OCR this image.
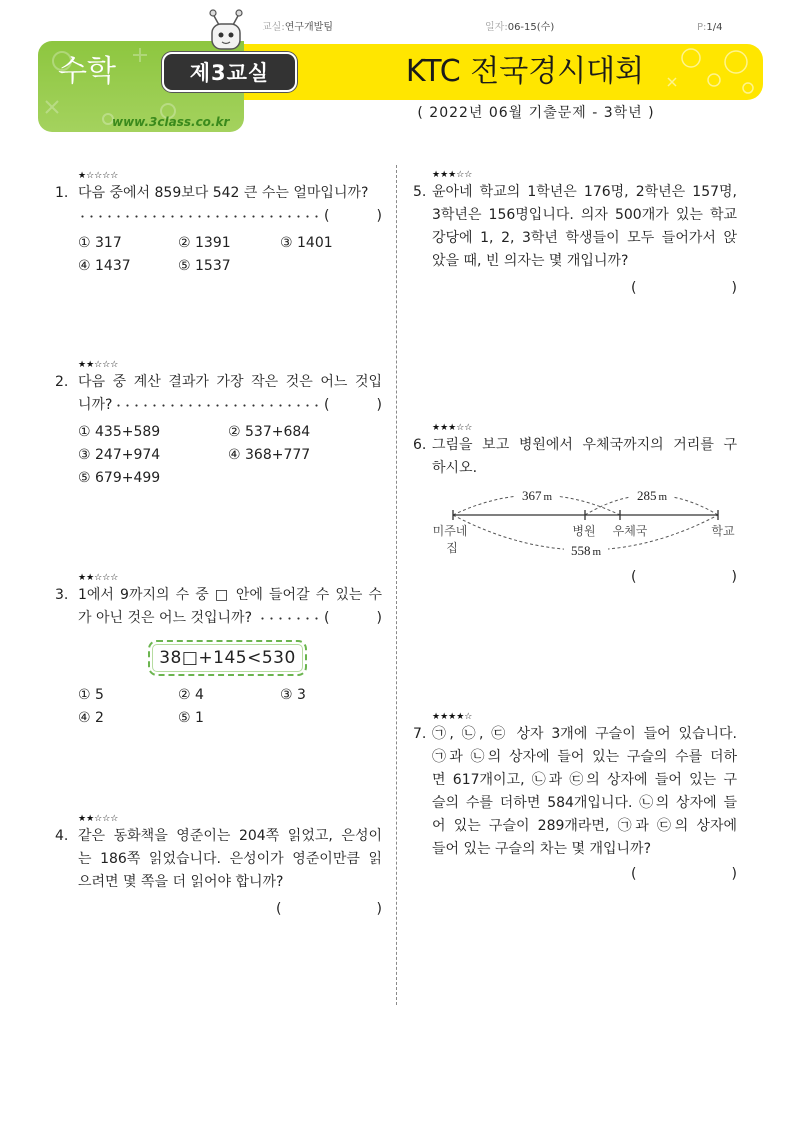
교실:연구개발팀	일자:06-15(수)	P:1/4
수학	제3교실
www.3class.co.kr
KTC 전국경시대회
( 2022년 06월 기출문제 - 3학년 )
★☆☆☆☆
1. 다음 중에서 859보다 542 큰 수는 얼마입니까?
(	)
① 317	② 1391	③ 1401
④ 1437	⑤ 1537
★★☆☆☆
2. 다음 중 계산 결과가 가장 작은 것은 어느 것입
니까?	(	)
① 435+589	② 537+684
③ 247+974	④ 368+777
⑤ 679+499
★★☆☆☆
3. 1에서 9까지의 수 중 □ 안에 들어갈 수 있는 수
가 아닌 것은 어느 것입니까?	(	)
38□+145<530
① 5	② 4	③ 3
④ 2	⑤ 1
★★☆☆☆
4. 같은 동화책을 영준이는 204쪽 읽었고, 은성이
는 186쪽 읽었습니다. 은성이가 영준이만큼 읽
으려면 몇 쪽을 더 읽어야 합니까?
(	)
★★★☆☆
5. 윤아네 학교의 1학년은 176명, 2학년은 157명,
3학년은 156명입니다. 의자 500개가 있는 학교
강당에 1, 2, 3학년 학생들이 모두 들어가서 앉
았을 때, 빈 의자는 몇 개입니까?
(	)
★★★☆☆
6. 그림을 보고 병원에서 우체국까지의 거리를 구
하시오.
367 m	285 m
558 m
미주네
집
병원 우체국	학교
(	)
★★★★☆
7. ㉠, ㉡, ㉢ 상자 3개에 구슬이 들어 있습니다.
㉠과 ㉡의 상자에 들어 있는 구슬의 수를 더하
면 617개이고, ㉡과 ㉢의 상자에 들어 있는 구
슬의 수를 더하면 584개입니다. ㉡의 상자에 들
어 있는 구슬이 289개라면, ㉠과 ㉢의 상자에
들어 있는 구슬의 차는 몇 개입니까?
(	)
